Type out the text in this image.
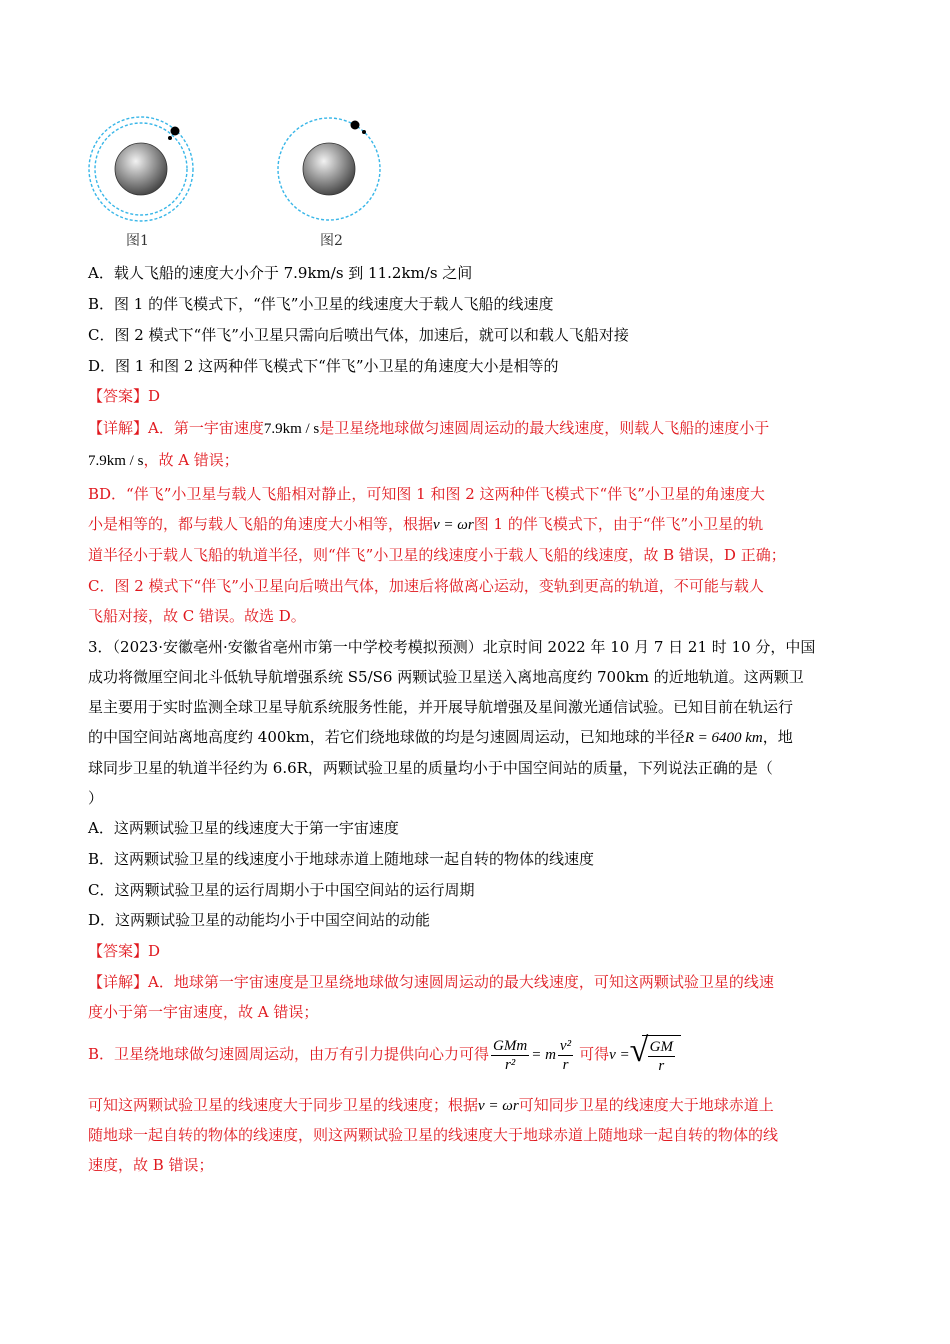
图1	图2
A．载人飞船的速度大小介于 7.9km/s 到 11.2km/s 之间
B．图 1 的伴飞模式下，“伴飞”小卫星的线速度大于载人飞船的线速度
C．图 2 模式下“伴飞”小卫星只需向后喷出气体，加速后，就可以和载人飞船对接
D．图 1 和图 2 这两种伴飞模式下“伴飞”小卫星的角速度大小是相等的
【答案】D
【详解】A．第一宇宙速度7.9km / s是卫星绕地球做匀速圆周运动的最大线速度，则载人飞船的速度小于
7.9km / s，故 A 错误；
BD．“伴飞”小卫星与载人飞船相对静止，可知图 1 和图 2 这两种伴飞模式下“伴飞”小卫星的角速度大
小是相等的，都与载人飞船的角速度大小相等，根据v = ωr图 1 的伴飞模式下，由于“伴飞”小卫星的轨
道半径小于载人飞船的轨道半径，则“伴飞”小卫星的线速度小于载人飞船的线速度，故 B 错误，D 正确；
C．图 2 模式下“伴飞”小卫星向后喷出气体，加速后将做离心运动，变轨到更高的轨道，不可能与载人
飞船对接，故 C 错误。故选 D。
3．（2023·安徽亳州·安徽省亳州市第一中学校考模拟预测）北京时间 2022 年 10 月 7 日 21 时 10 分，中国
成功将微厘空间北斗低轨导航增强系统 S5/S6 两颗试验卫星送入离地高度约 700km 的近地轨道。这两颗卫
星主要用于实时监测全球卫星导航系统服务性能，并开展导航增强及星间激光通信试验。已知目前在轨运行
的中国空间站离地高度约 400km，若它们绕地球做的均是匀速圆周运动，已知地球的半径R = 6400 km，地
球同步卫星的轨道半径约为 6.6R，两颗试验卫星的质量均小于中国空间站的质量，下列说法正确的是（
）
A．这两颗试验卫星的线速度大于第一宇宙速度
B．这两颗试验卫星的线速度小于地球赤道上随地球一起自转的物体的线速度
C．这两颗试验卫星的运行周期小于中国空间站的运行周期
D．这两颗试验卫星的动能均小于中国空间站的动能
【答案】D
【详解】A．地球第一宇宙速度是卫星绕地球做匀速圆周运动的最大线速度，可知这两颗试验卫星的线速
度小于第一宇宙速度，故 A 错误；
B．卫星绕地球做匀速圆周运动，由万有引力提供向心力可得 $\frac{\text{GMm}}{\text{r²}} = m \frac{\text{v²}}{r}$ 可得v = √ $\frac{GM}{r}$
可知这两颗试验卫星的线速度大于同步卫星的线速度；根据v = ωr可知同步卫星的线速度大于地球赤道上
随地球一起自转的物体的线速度，则这两颗试验卫星的线速度大于地球赤道上随地球一起自转的物体的线
速度，故 B 错误；
